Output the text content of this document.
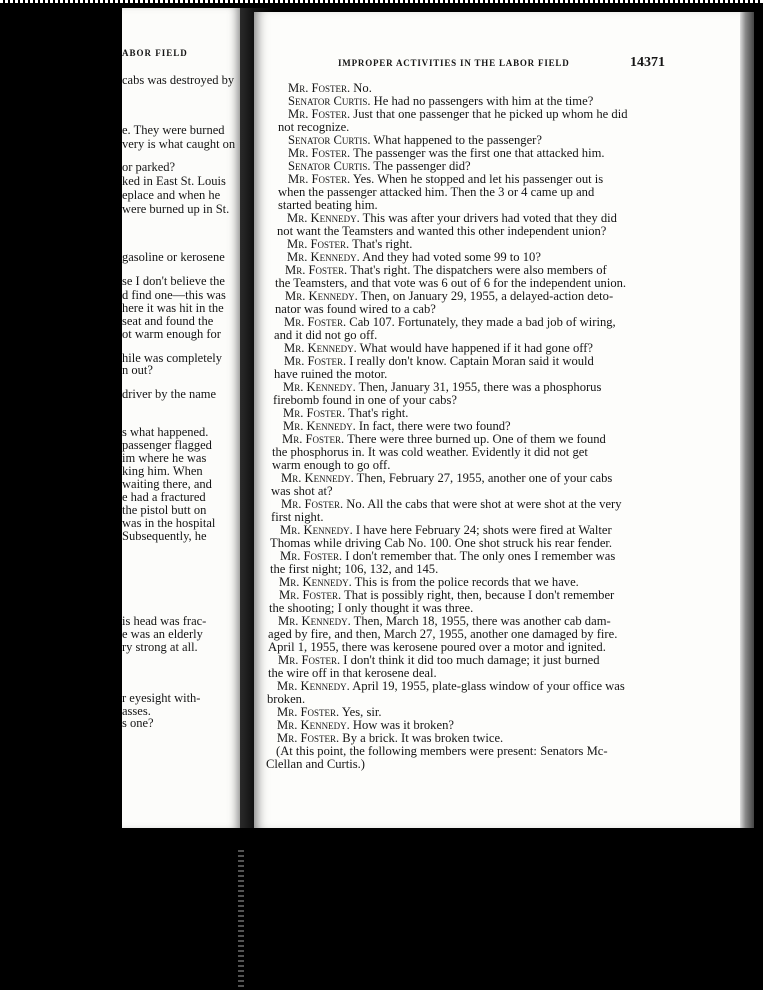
ABOR FIELD
cabs was destroyed by
e. They were burned
very is what caught on
or parked?
ked in East St. Louis
eplace and when he
were burned up in St.
gasoline or kerosene
se I don't believe the
d find one—this was
here it was hit in the
seat and found the
ot warm enough for
hile was completely
n out?
driver by the name
s what happened.
passenger flagged
im where he was
king him. When
waiting there, and
e had a fractured
the pistol butt on
was in the hospital
Subsequently, he
is head was frac-
e was an elderly
ry strong at all.
r eyesight with-
asses.
s one?
IMPROPER ACTIVITIES IN THE LABOR FIELD	14371
Mr. Foster. No.
Senator Curtis. He had no passengers with him at the time?
Mr. Foster. Just that one passenger that he picked up whom he did
not recognize.
Senator Curtis. What happened to the passenger?
Mr. Foster. The passenger was the first one that attacked him.
Senator Curtis. The passenger did?
Mr. Foster. Yes. When he stopped and let his passenger out is
when the passenger attacked him. Then the 3 or 4 came up and
started beating him.
Mr. Kennedy. This was after your drivers had voted that they did
not want the Teamsters and wanted this other independent union?
Mr. Foster. That's right.
Mr. Kennedy. And they had voted some 99 to 10?
Mr. Foster. That's right. The dispatchers were also members of
the Teamsters, and that vote was 6 out of 6 for the independent union.
Mr. Kennedy. Then, on January 29, 1955, a delayed-action deto-
nator was found wired to a cab?
Mr. Foster. Cab 107. Fortunately, they made a bad job of wiring,
and it did not go off.
Mr. Kennedy. What would have happened if it had gone off?
Mr. Foster. I really don't know. Captain Moran said it would
have ruined the motor.
Mr. Kennedy. Then, January 31, 1955, there was a phosphorus
firebomb found in one of your cabs?
Mr. Foster. That's right.
Mr. Kennedy. In fact, there were two found?
Mr. Foster. There were three burned up. One of them we found
the phosphorus in. It was cold weather. Evidently it did not get
warm enough to go off.
Mr. Kennedy. Then, February 27, 1955, another one of your cabs
was shot at?
Mr. Foster. No. All the cabs that were shot at were shot at the very
first night.
Mr. Kennedy. I have here February 24; shots were fired at Walter
Thomas while driving Cab No. 100. One shot struck his rear fender.
Mr. Foster. I don't remember that. The only ones I remember was
the first night; 106, 132, and 145.
Mr. Kennedy. This is from the police records that we have.
Mr. Foster. That is possibly right, then, because I don't remember
the shooting; I only thought it was three.
Mr. Kennedy. Then, March 18, 1955, there was another cab dam-
aged by fire, and then, March 27, 1955, another one damaged by fire.
April 1, 1955, there was kerosene poured over a motor and ignited.
Mr. Foster. I don't think it did too much damage; it just burned
the wire off in that kerosene deal.
Mr. Kennedy. April 19, 1955, plate-glass window of your office was
broken.
Mr. Foster. Yes, sir.
Mr. Kennedy. How was it broken?
Mr. Foster. By a brick. It was broken twice.
(At this point, the following members were present: Senators Mc-
Clellan and Curtis.)
